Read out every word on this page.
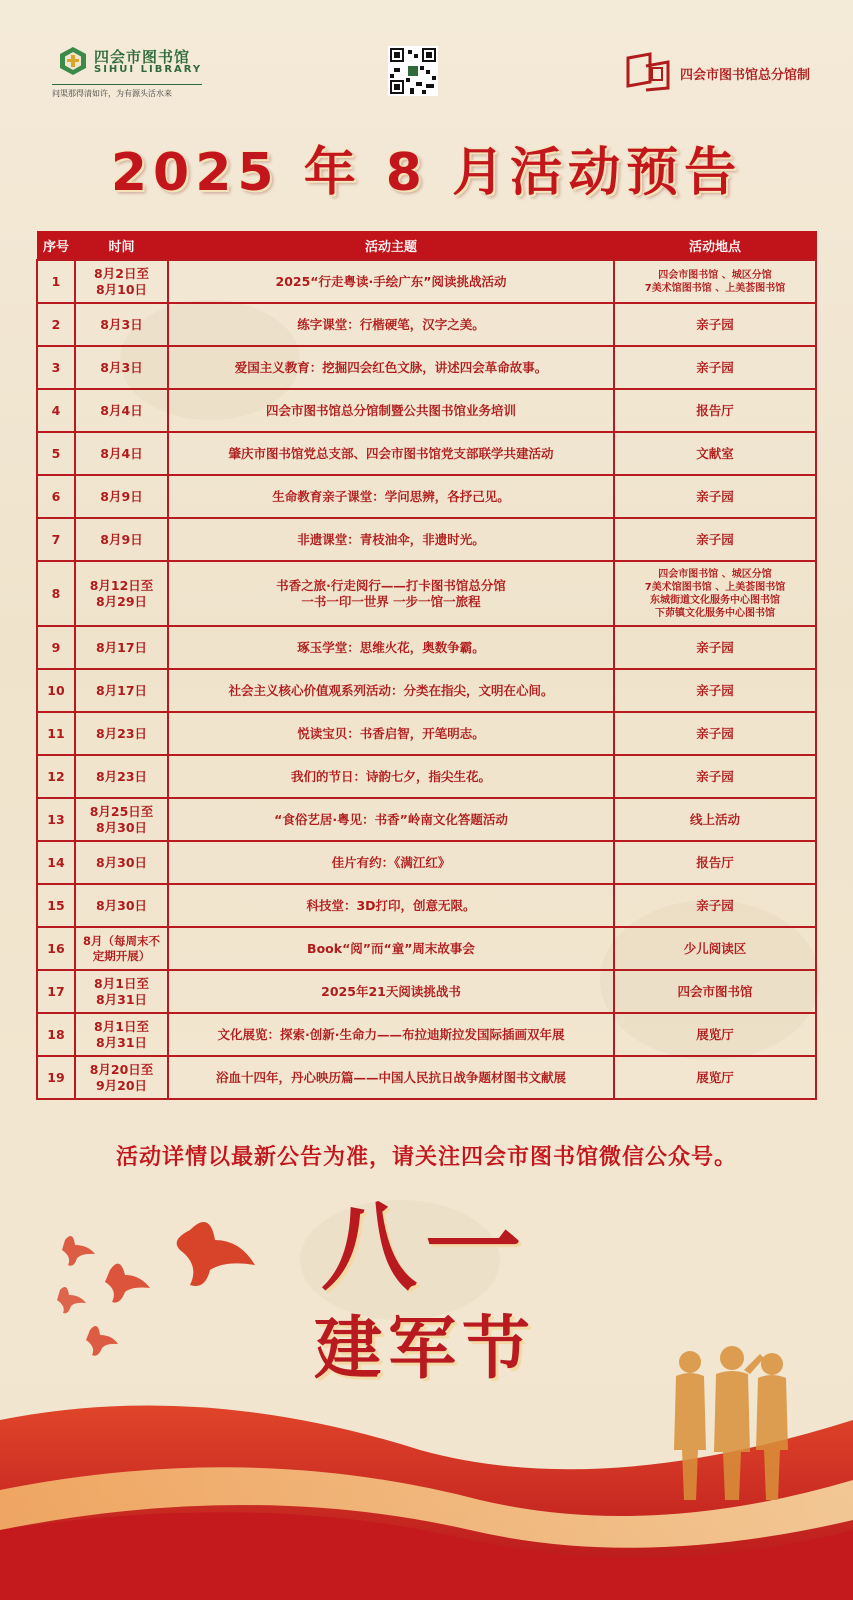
四会市图书馆
SIHUI LIBRARY
问渠那得清如许，为有源头活水来
四会市图书馆总分馆制
2025 年 8 月活动预告
序号	时间	活动主题	活动地点
1	8月2日至
8月10日	2025“行走粤读·手绘广东”阅读挑战活动	四会市图书馆 、城区分馆
7美术馆图书馆 、上美荟图书馆
2	8月3日	练字课堂：行楷硬笔，汉字之美。	亲子园
3	8月3日	爱国主义教育：挖掘四会红色文脉，讲述四会革命故事。	亲子园
4	8月4日	四会市图书馆总分馆制暨公共图书馆业务培训	报告厅
5	8月4日	肇庆市图书馆党总支部、四会市图书馆党支部联学共建活动	文献室
6	8月9日	生命教育亲子课堂：学问思辨，各抒己见。	亲子园
7	8月9日	非遗课堂：青枝油伞，非遗时光。	亲子园
8	8月12日至
8月29日	书香之旅·行走阅行——打卡图书馆总分馆
一书一印一世界 一步一馆一旅程	四会市图书馆 、城区分馆
7美术馆图书馆 、上美荟图书馆
东城街道文化服务中心图书馆
下茆镇文化服务中心图书馆
9	8月17日	琢玉学堂：思维火花，奥数争霸。	亲子园
10	8月17日	社会主义核心价值观系列活动：分类在指尖，文明在心间。	亲子园
11	8月23日	悦读宝贝：书香启智，开笔明志。	亲子园
12	8月23日	我们的节日：诗韵七夕，指尖生花。	亲子园
13	8月25日至
8月30日	“食俗艺居·粤见：书香”岭南文化答题活动	线上活动
14	8月30日	佳片有约：《满江红》	报告厅
15	8月30日	科技堂：3D打印，创意无限。	亲子园
16	8月（每周末不
定期开展）	Book“阅”而“童”周末故事会	少儿阅读区
17	8月1日至
8月31日	2025年21天阅读挑战书	四会市图书馆
18	8月1日至
8月31日	文化展览：探索·创新·生命力——布拉迪斯拉发国际插画双年展	展览厅
19	8月20日至
9月20日	浴血十四年，丹心映历篇——中国人民抗日战争题材图书文献展	展览厅
活动详情以最新公告为准，请关注四会市图书馆微信公众号。
八一
建军节
